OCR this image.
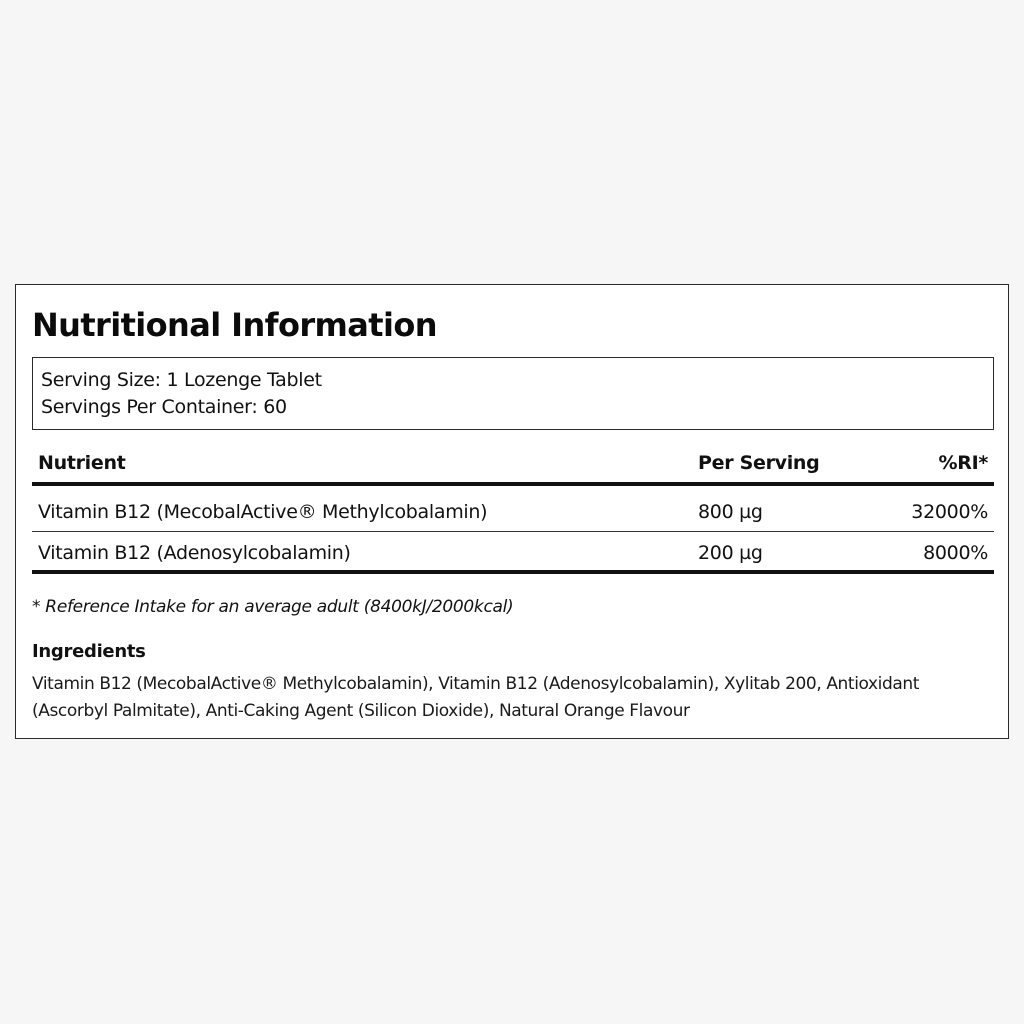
Nutritional Information
Serving Size: 1 Lozenge Tablet
Servings Per Container: 60
Nutrient	Per Serving	%RI*
Vitamin B12 (MecobalActive® Methylcobalamin)	800 µg	32000%
Vitamin B12 (Adenosylcobalamin)	200 µg	8000%
* Reference Intake for an average adult (8400kJ/2000kcal)
Ingredients

Vitamin B12 (MecobalActive® Methylcobalamin), Vitamin B12 (Adenosylcobalamin), Xylitab 200, Antioxidant
(Ascorbyl Palmitate), Anti-Caking Agent (Silicon Dioxide), Natural Orange Flavour
